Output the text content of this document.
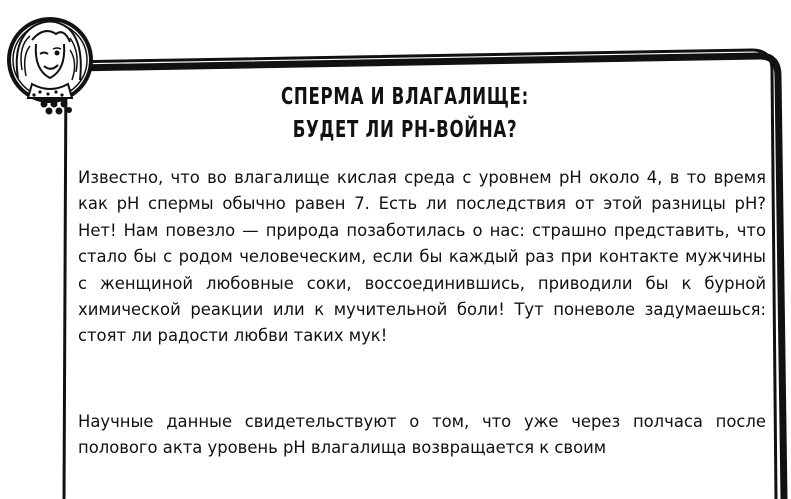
СПЕРМА И ВЛАГАЛИЩЕ:
БУДЕТ ЛИ PH-ВОЙНА?

Известно, что во влагалище кислая среда с уровнем pH около 4, в то время как pH спермы обычно равен 7. Есть ли последствия от этой разницы pH? Нет! Нам повезло — природа позаботилась о нас: страшно представить, что стало бы с родом человеческим, если бы каждый раз при контакте мужчины с женщиной любовные соки, воссоединившись, приводили бы к бурной химической реакции или к мучительной боли! Тут поневоле задумаешься: стоят ли радости любви таких мук!

Научные данные свидетельствуют о том, что уже через полчаса после полового акта уровень pH влагалища возвращается к своим
